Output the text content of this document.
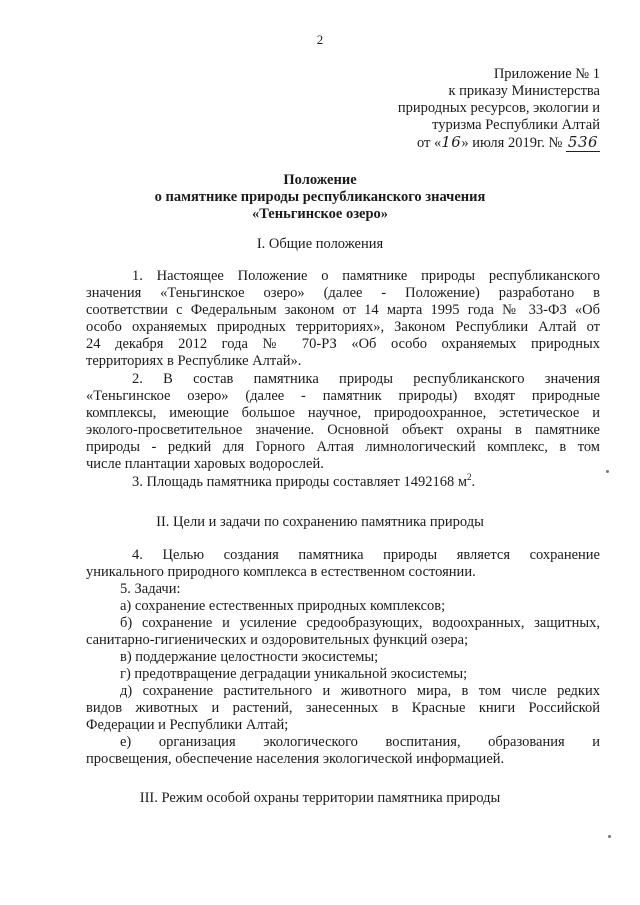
2
Приложение № 1
к приказу Министерства
природных ресурсов, экологии и
туризма Республики Алтай
от «16» июля 2019г. № 536
Положение
о памятнике природы республиканского значения
«Теньгинское озеро»
I. Общие положения
1. Настоящее Положение о памятнике природы республиканского
значения «Теньгинское озеро» (далее - Положение) разработано в
соответствии с Федеральным законом от 14 марта 1995 года № 33-ФЗ «Об
особо охраняемых природных территориях», Законом Республики Алтай от
24 декабря 2012 года № 70-РЗ «Об особо охраняемых природных
территориях в Республике Алтай».
2. В состав памятника природы республиканского значения
«Теньгинское озеро» (далее - памятник природы) входят природные
комплексы, имеющие большое научное, природоохранное, эстетическое и
эколого-просветительное значение. Основной объект охраны в памятнике
природы - редкий для Горного Алтая лимнологический комплекс, в том
числе плантации харовых водорослей.
3. Площадь памятника природы составляет 1492168 $м^2$.
II. Цели и задачи по сохранению памятника природы
4. Целью создания памятника природы является сохранение
уникального природного комплекса в естественном состоянии.
5. Задачи:
а) сохранение естественных природных комплексов;
б) сохранение и усиление средообразующих, водоохранных, защитных,
санитарно-гигиенических и оздоровительных функций озера;
в) поддержание целостности экосистемы;
г) предотвращение деградации уникальной экосистемы;
д) сохранение растительного и животного мира, в том числе редких
видов животных и растений, занесенных в Красные книги Российской
Федерации и Республики Алтай;
е) организация экологического воспитания, образования и
просвещения, обеспечение населения экологической информацией.
III. Режим особой охраны территории памятника природы
